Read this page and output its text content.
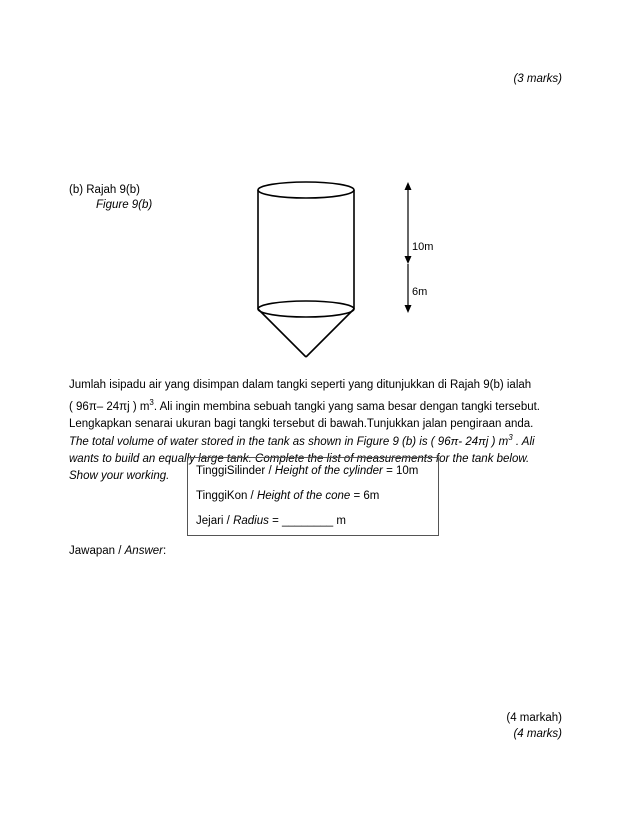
(3 marks)
(b) Rajah 9(b)
Figure 9(b)
10m
6m
Jumlah isipadu air yang disimpan dalam tangki seperti yang ditunjukkan di Rajah 9(b) ialah
( 96π– 24πj ) $m^3$. Ali ingin membina sebuah tangki yang sama besar dengan tangki tersebut.
Lengkapkan senarai ukuran bagi tangki tersebut di bawah.Tunjukkan jalan pengiraan anda.
The total volume of water stored in the tank as shown in Figure 9 (b) is ( 96π- 24πj ) $m^3$ . Ali
wants to build an equally large tank. Complete the list of measurements for the tank below.
Show your working.	TinggiSilinder / Height of the cylinder = 10m
TinggiKon / Height of the cone = 6m
Jejari / Radius = ________ m
Jawapan / Answer:
(4 markah)
(4 marks)
